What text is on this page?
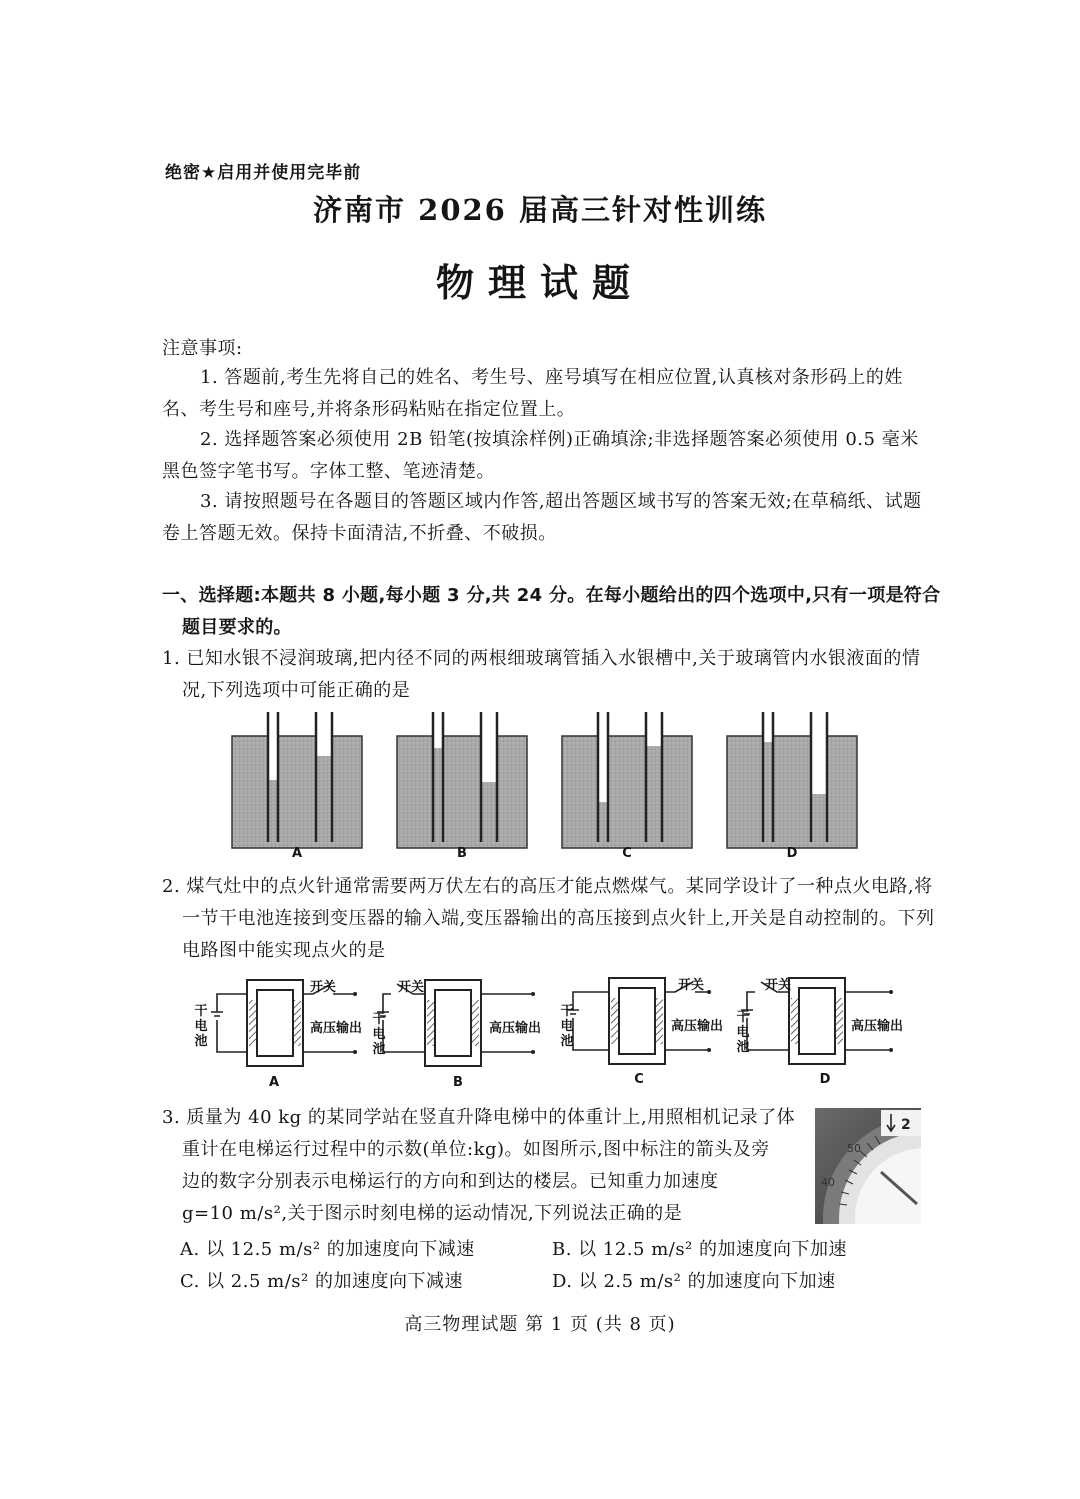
绝密★启用并使用完毕前
济南市 2026 届高三针对性训练
物理试题
注意事项:
1. 答题前,考生先将自己的姓名、考生号、座号填写在相应位置,认真核对条形码上的姓名、考生号和座号,并将条形码粘贴在指定位置上。
2. 选择题答案必须使用 2B 铅笔(按填涂样例)正确填涂;非选择题答案必须使用 0.5 毫米黑色签字笔书写。字体工整、笔迹清楚。
3. 请按照题号在各题目的答题区域内作答,超出答题区域书写的答案无效;在草稿纸、试题卷上答题无效。保持卡面清洁,不折叠、不破损。
一、选择题:本题共 8 小题,每小题 3 分,共 24 分。在每小题给出的四个选项中,只有一项是符合题目要求的。
1. 已知水银不浸润玻璃,把内径不同的两根细玻璃管插入水银槽中,关于玻璃管内水银液面的情况,下列选项中可能正确的是
A	B	C	D
2. 煤气灶中的点火针通常需要两万伏左右的高压才能点燃煤气。某同学设计了一种点火电路,将一节干电池连接到变压器的输入端,变压器输出的高压接到点火针上,开关是自动控制的。下列电路图中能实现点火的是
开关	开关	开关	开关
干
电
池
干
电
池
干
电
池
干
电
池
高压输出	高压输出	高压输出	高压输出
A	B	C	D
3. 质量为 40 kg 的某同学站在竖直升降电梯中的体重计上,用照相机记录了体
重计在电梯运行过程中的示数(单位:kg)。如图所示,图中标注的箭头及旁
边的数字分别表示电梯运行的方向和到达的楼层。已知重力加速度
g=10 m/s²,关于图示时刻电梯的运动情况,下列说法正确的是
50
40
2
A. 以 12.5 m/s² 的加速度向下减速	B. 以 12.5 m/s² 的加速度向下加速
C. 以 2.5 m/s² 的加速度向下减速	D. 以 2.5 m/s² 的加速度向下加速
高三物理试题 第 1 页 (共 8 页)
